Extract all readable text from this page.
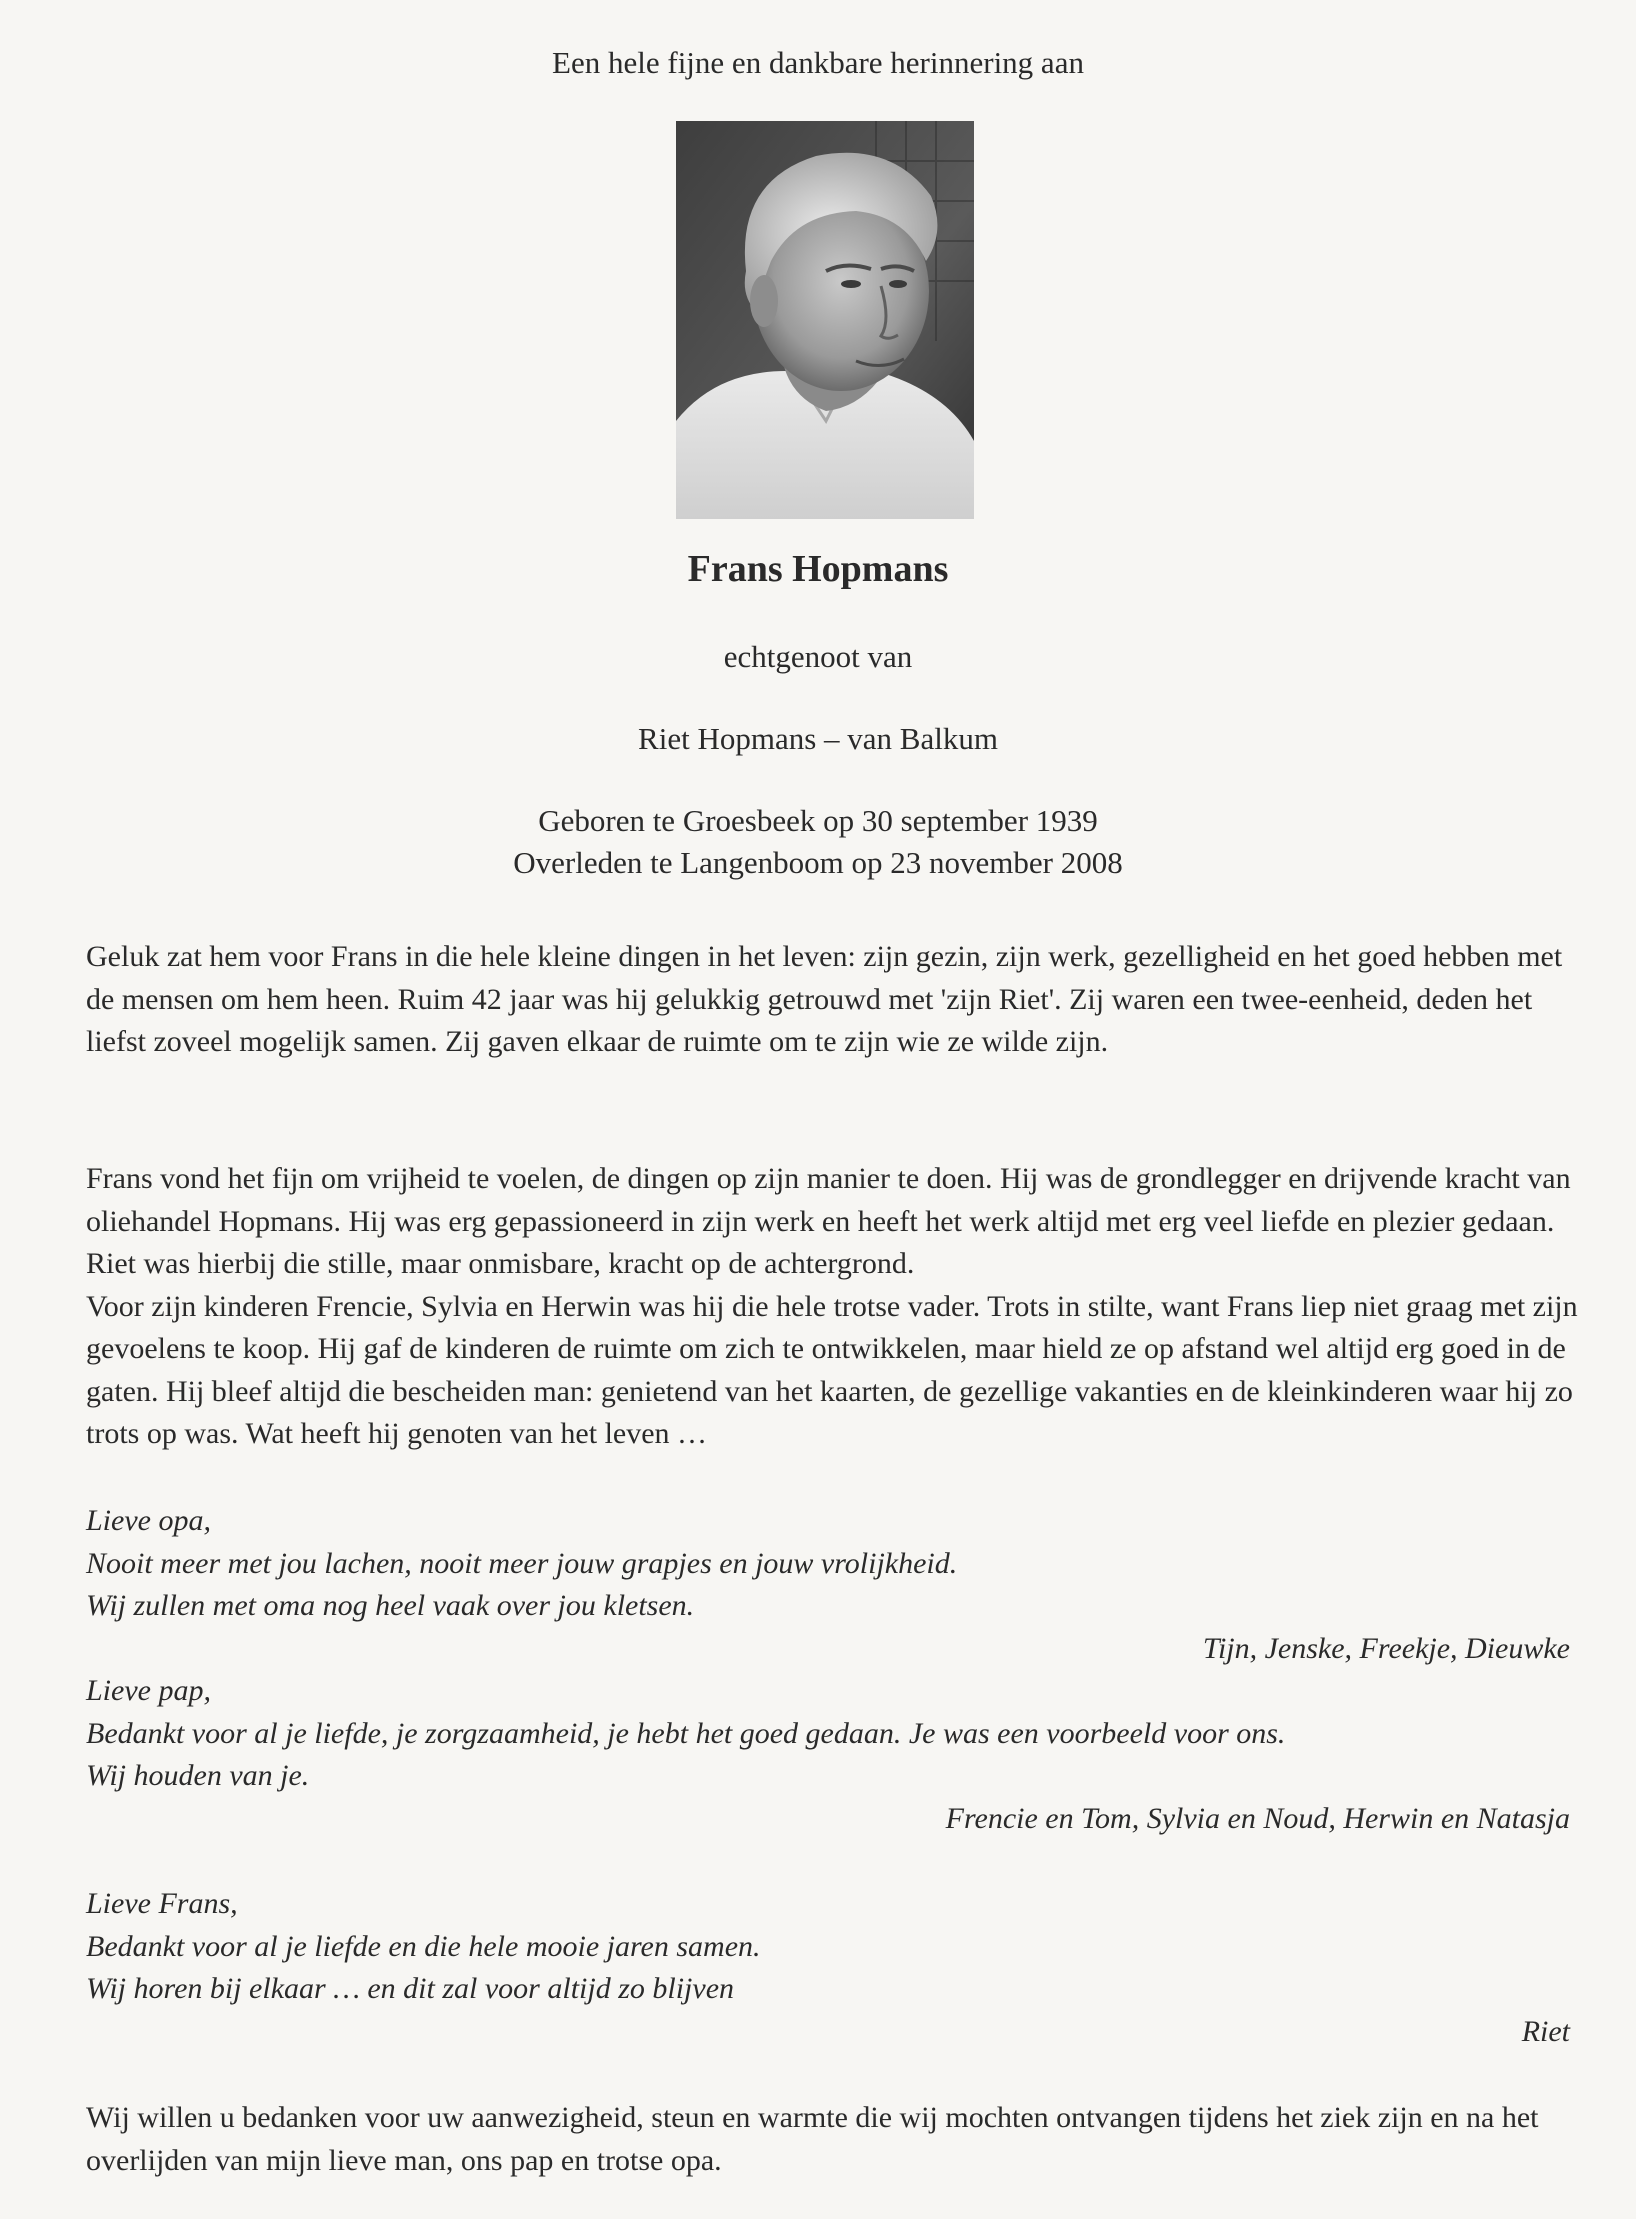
Een hele fijne en dankbare herinnering aan
Frans Hopmans
echtgenoot van
Riet Hopmans – van Balkum
Geboren te Groesbeek op 30 september 1939
Overleden te Langenboom op 23 november 2008

Geluk zat hem voor Frans in die hele kleine dingen in het leven: zijn gezin, zijn werk, gezelligheid en het goed hebben met de mensen om hem heen. Ruim 42 jaar was hij gelukkig getrouwd met 'zijn Riet'. Zij waren een twee-eenheid, deden het liefst zoveel mogelijk samen. Zij gaven elkaar de ruimte om te zijn wie ze wilde zijn.

Frans vond het fijn om vrijheid te voelen, de dingen op zijn manier te doen. Hij was de grondlegger en drijvende kracht van oliehandel Hopmans. Hij was erg gepassioneerd in zijn werk en heeft het werk altijd met erg veel liefde en plezier gedaan. Riet was hierbij die stille, maar onmisbare, kracht op de achtergrond.

Voor zijn kinderen Frencie, Sylvia en Herwin was hij die hele trotse vader. Trots in stilte, want Frans liep niet graag met zijn gevoelens te koop. Hij gaf de kinderen de ruimte om zich te ontwikkelen, maar hield ze op afstand wel altijd erg goed in de gaten. Hij bleef altijd die bescheiden man: genietend van het kaarten, de gezellige vakanties en de kleinkinderen waar hij zo trots op was. Wat heeft hij genoten van het leven …

Lieve opa,
Nooit meer met jou lachen, nooit meer jouw grapjes en jouw vrolijkheid.
Wij zullen met oma nog heel vaak over jou kletsen.
Tijn, Jenske, Freekje, Dieuwke
Lieve pap,
Bedankt voor al je liefde, je zorgzaamheid, je hebt het goed gedaan. Je was een voorbeeld voor ons.
Wij houden van je.
Frencie en Tom, Sylvia en Noud, Herwin en Natasja
Lieve Frans,
Bedankt voor al je liefde en die hele mooie jaren samen.
Wij horen bij elkaar … en dit zal voor altijd zo blijven
Riet
Wij willen u bedanken voor uw aanwezigheid, steun en warmte die wij mochten ontvangen tijdens het ziek zijn en na het overlijden van mijn lieve man, ons pap en trotse opa.
